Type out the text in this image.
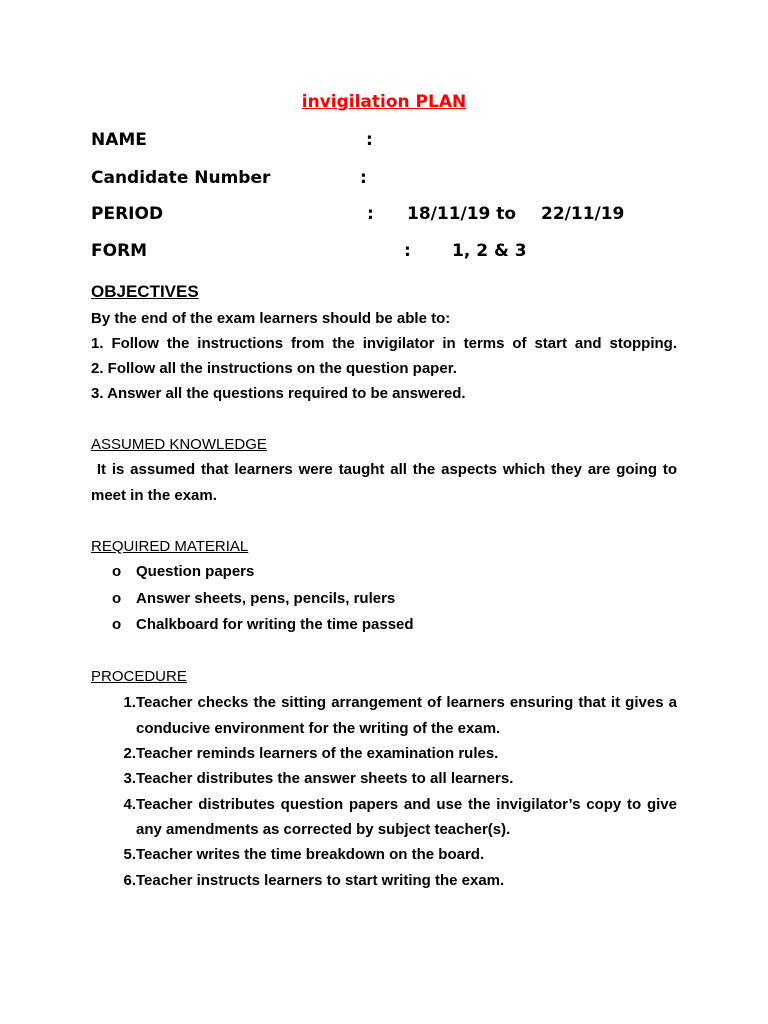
invigilation PLAN
NAME	:
Candidate Number	:
PERIOD	: 18/11/19 to 22/11/19
FORM	: 1, 2 & 3
OBJECTIVES
By the end of the exam learners should be able to:
1. Follow the instructions from the invigilator in terms of start and stopping.
2. Follow all the instructions on the question paper.
3. Answer all the questions required to be answered.
ASSUMED KNOWLEDGE
It is assumed that learners were taught all the aspects which they are going to
meet in the exam.
REQUIRED MATERIAL
o Question papers
o Answer sheets, pens, pencils, rulers
o Chalkboard for writing the time passed
PROCEDURE
1. Teacher checks the sitting arrangement of learners ensuring that it gives a
conducive environment for the writing of the exam.
2. Teacher reminds learners of the examination rules.
3. Teacher distributes the answer sheets to all learners.
4. Teacher distributes question papers and use the invigilator’s copy to give
any amendments as corrected by subject teacher(s).
5. Teacher writes the time breakdown on the board.
6. Teacher instructs learners to start writing the exam.
